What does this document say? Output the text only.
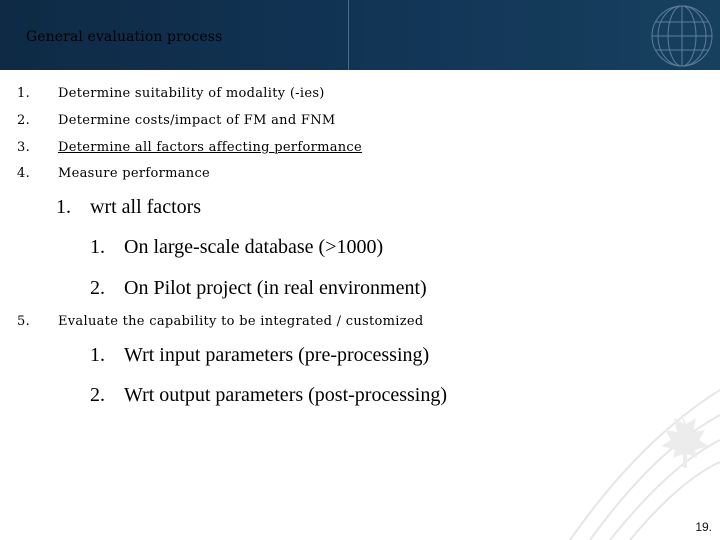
General evaluation process
1. Determine suitability of modality (-ies)
2. Determine costs/impact of FM and FNM
3. Determine all factors affecting performance
4. Measure performance
1. wrt all factors
1. On large-scale database (>1000)
2. On Pilot project (in real environment)
5. Evaluate the capability to be integrated / customized
1. Wrt input parameters (pre-processing)
2. Wrt output parameters (post-processing)
19.
